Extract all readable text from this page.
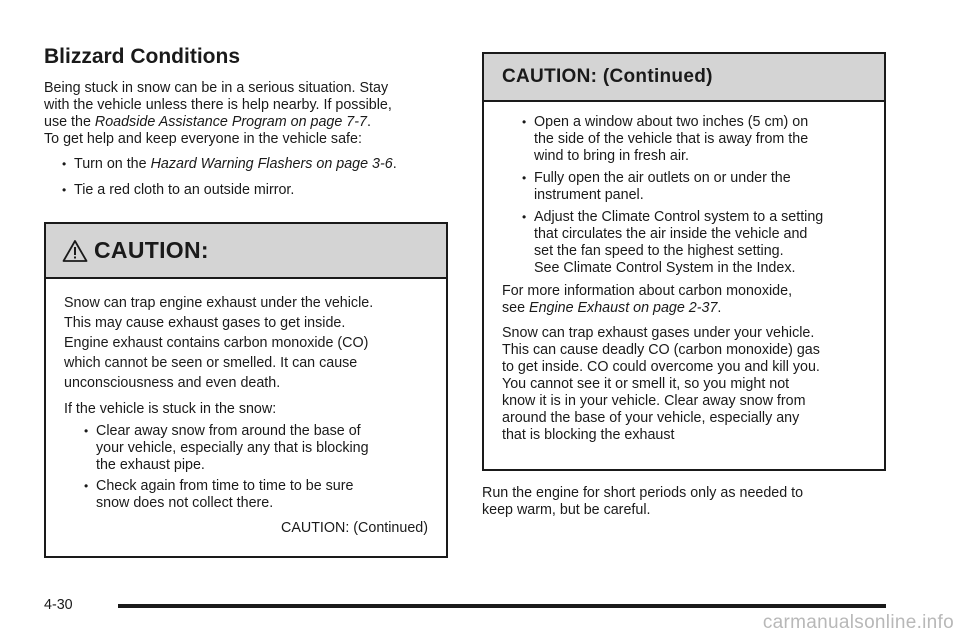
Blizzard Conditions
Being stuck in snow can be in a serious situation. Stay
with the vehicle unless there is help nearby. If possible,
use the Roadside Assistance Program on page 7-7.
To get help and keep everyone in the vehicle safe:
• Turn on the Hazard Warning Flashers on page 3-6.
• Tie a red cloth to an outside mirror.
CAUTION:
Snow can trap engine exhaust under the vehicle.
This may cause exhaust gases to get inside.
Engine exhaust contains carbon monoxide (CO)
which cannot be seen or smelled. It can cause
unconsciousness and even death.
If the vehicle is stuck in the snow:
• Clear away snow from around the base of
your vehicle, especially any that is blocking
the exhaust pipe.
• Check again from time to time to be sure
snow does not collect there.
CAUTION: (Continued)
CAUTION: (Continued)
• Open a window about two inches (5 cm) on
the side of the vehicle that is away from the
wind to bring in fresh air.
• Fully open the air outlets on or under the
instrument panel.
• Adjust the Climate Control system to a setting
that circulates the air inside the vehicle and
set the fan speed to the highest setting.
See Climate Control System in the Index.
For more information about carbon monoxide,
see Engine Exhaust on page 2-37.
Snow can trap exhaust gases under your vehicle.
This can cause deadly CO (carbon monoxide) gas
to get inside. CO could overcome you and kill you.
You cannot see it or smell it, so you might not
know it is in your vehicle. Clear away snow from
around the base of your vehicle, especially any
that is blocking the exhaust
Run the engine for short periods only as needed to
keep warm, but be careful.
4-30
carmanualsonline.info
